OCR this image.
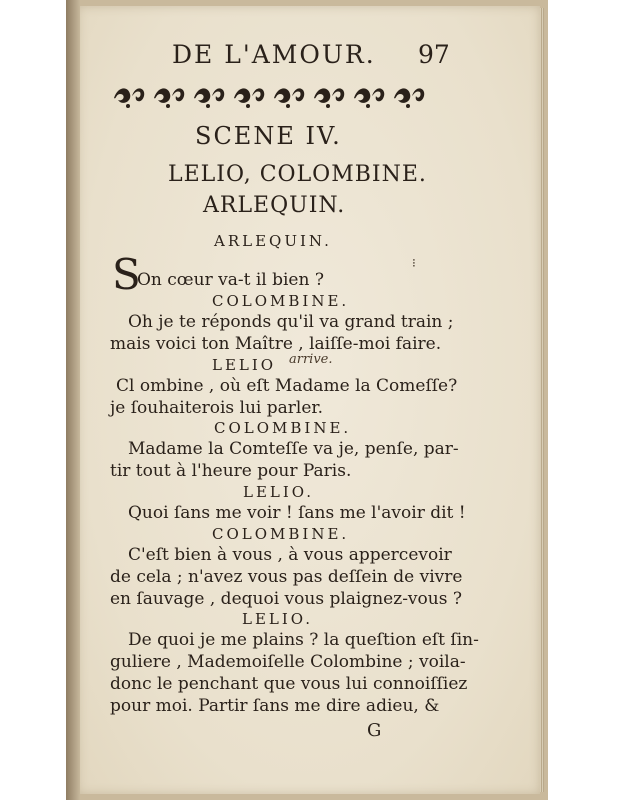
DE L'AMOUR. 97
SCENE IV.
LELIO, COLOMBINE.
ARLEQUIN.
ARLEQUIN.
⁝
S
On cœur va-t il bien ?
COLOMBINE.
Oh je te réponds qu'il va grand train ;
mais voici ton Maître , laiſſe-moi faire.
LELIO arrive.
Cl ombine , où eſt Madame la Comeſſe?
je ſouhaiterois lui parler.
COLOMBINE.
Madame la Comteſſe va je, penſe, par-
tir tout à l'heure pour Paris.
LELIO.
Quoi ſans me voir ! ſans me l'avoir dit !
COLOMBINE.
C'eſt bien à vous , à vous appercevoir
de cela ; n'avez vous pas deſſein de vivre
en ſauvage , dequoi vous plaignez-vous ?
LELIO.
De quoi je me plains ? la queſtion eſt ſin-
guliere , Mademoiſelle Colombine ; voila-
donc le penchant que vous lui connoiſſiez
pour moi. Partir ſans me dire adieu, &
G
